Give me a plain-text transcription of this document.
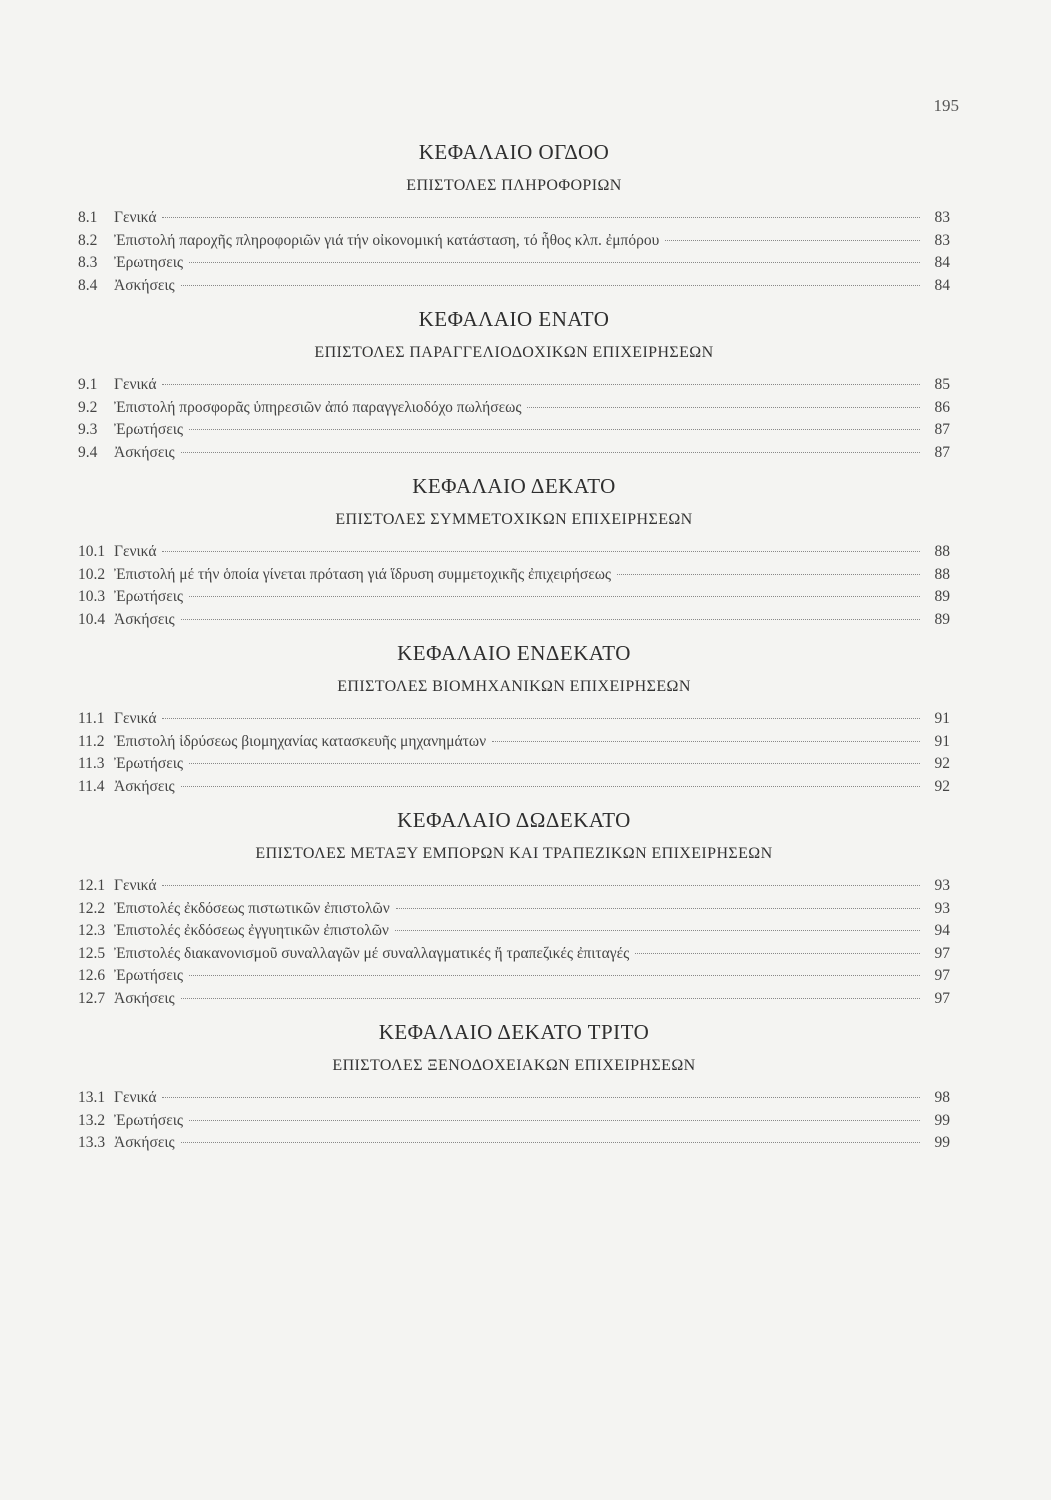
195
ΚΕΦΑΛΑΙΟ ΟΓΔΟΟ
ΕΠΙΣΤΟΛΕΣ ΠΛΗΡΟΦΟΡΙΩΝ
8.1	Γενικά	83
8.2	Ἐπιστολή παροχῆς πληροφοριῶν γιά τήν οἰκονομική κατάσταση, τό ἦθος κλπ. ἐμπόρου	83
8.3	Ἐρωτησεις	84
8.4	Ἀσκήσεις	84
ΚΕΦΑΛΑΙΟ ΕΝΑΤΟ
ΕΠΙΣΤΟΛΕΣ ΠΑΡΑΓΓΕΛΙΟΔΟΧΙΚΩΝ ΕΠΙΧΕΙΡΗΣΕΩΝ
9.1	Γενικά	85
9.2	Ἐπιστολή προσφορᾶς ὑπηρεσιῶν ἀπό παραγγελιοδόχο πωλήσεως	86
9.3	Ἐρωτήσεις	87
9.4	Ἀσκήσεις	87
ΚΕΦΑΛΑΙΟ ΔΕΚΑΤΟ
ΕΠΙΣΤΟΛΕΣ ΣΥΜΜΕΤΟΧΙΚΩΝ ΕΠΙΧΕΙΡΗΣΕΩΝ
10.1 Γενικά	88
10.2 Ἐπιστολή μέ τήν ὁποία γίνεται πρόταση γιά ἵδρυση συμμετοχικῆς ἐπιχειρήσεως	88
10.3 Ἐρωτήσεις	89
10.4 Ἀσκήσεις	89
ΚΕΦΑΛΑΙΟ ΕΝΔΕΚΑΤΟ
ΕΠΙΣΤΟΛΕΣ ΒΙΟΜΗΧΑΝΙΚΩΝ ΕΠΙΧΕΙΡΗΣΕΩΝ
11.1 Γενικά	91
11.2 Ἐπιστολή ἱδρύσεως βιομηχανίας κατασκευῆς μηχανημάτων	91
11.3 Ἐρωτήσεις	92
11.4 Ἀσκήσεις	92
ΚΕΦΑΛΑΙΟ ΔΩΔΕΚΑΤΟ
ΕΠΙΣΤΟΛΕΣ ΜΕΤΑΞΥ ΕΜΠΟΡΩΝ ΚΑΙ ΤΡΑΠΕΖΙΚΩΝ ΕΠΙΧΕΙΡΗΣΕΩΝ
12.1 Γενικά	93
12.2 Ἐπιστολές ἐκδόσεως πιστωτικῶν ἐπιστολῶν	93
12.3 Ἐπιστολές ἐκδόσεως ἐγγυητικῶν ἐπιστολῶν	94
12.5 Ἐπιστολές διακανονισμοῦ συναλλαγῶν μέ συναλλαγματικές ἤ τραπεζικές ἐπιταγές	97
12.6 Ἐρωτήσεις	97
12.7 Ἀσκήσεις	97
ΚΕΦΑΛΑΙΟ ΔΕΚΑΤΟ ΤΡΙΤΟ
ΕΠΙΣΤΟΛΕΣ ΞΕΝΟΔΟΧΕΙΑΚΩΝ ΕΠΙΧΕΙΡΗΣΕΩΝ
13.1 Γενικά	98
13.2 Ἐρωτήσεις	99
13.3 Ἀσκήσεις	99
